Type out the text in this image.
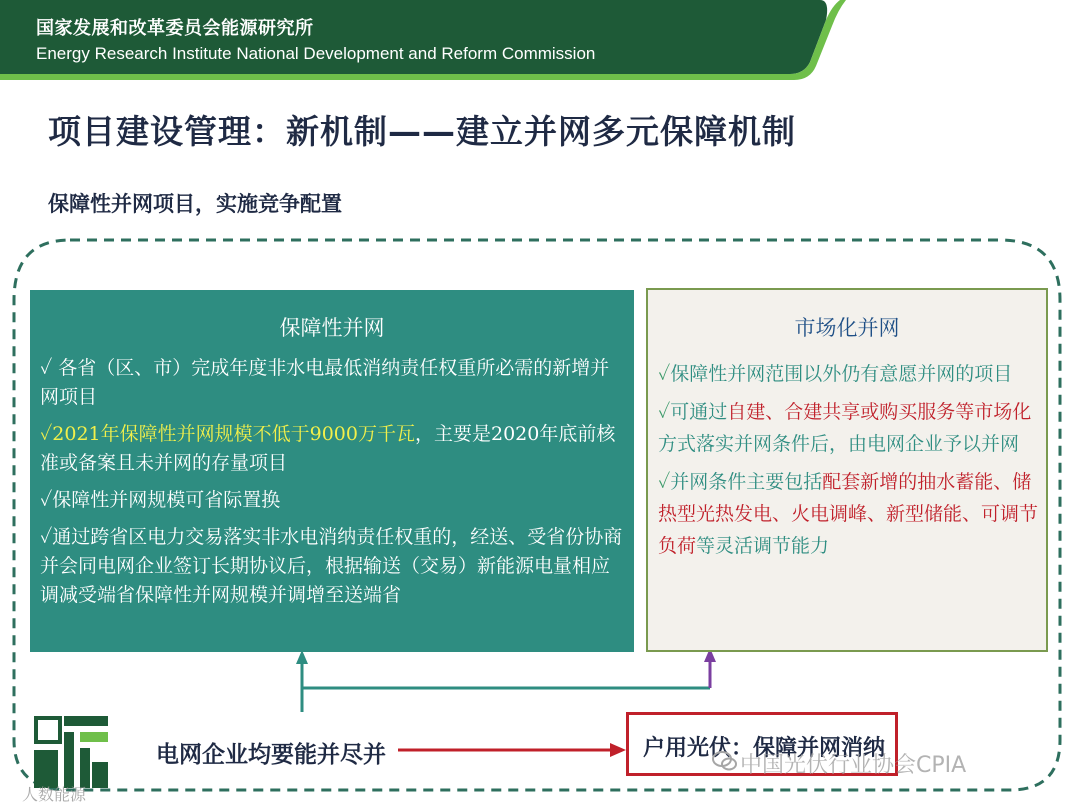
国家发展和改革委员会能源研究所
Energy Research Institute National Development and Reform Commission
项目建设管理：新机制——建立并网多元保障机制
保障性并网项目，实施竞争配置
保障性并网
✓ 各省（区、市）完成年度非水电最低消纳责任权重所必需的新增并网项目
✓2021年保障性并网规模不低于9000万千瓦，主要是2020年底前核准或备案且未并网的存量项目
✓保障性并网规模可省际置换
✓通过跨省区电力交易落实非水电消纳责任权重的，经送、受省份协商并会同电网企业签订长期协议后，根据输送（交易）新能源电量相应调减受端省保障性并网规模并调增至送端省
市场化并网
✓保障性并网范围以外仍有意愿并网的项目
✓可通过自建、合建共享或购买服务等市场化方式落实并网条件后，由电网企业予以并网
✓并网条件主要包括配套新增的抽水蓄能、储热型光热发电、火电调峰、新型储能、可调节负荷等灵活调节能力
电网企业均要能并尽并	户用光伏：保障并网消纳
中国光伏行业协会CPIA
人数能源
